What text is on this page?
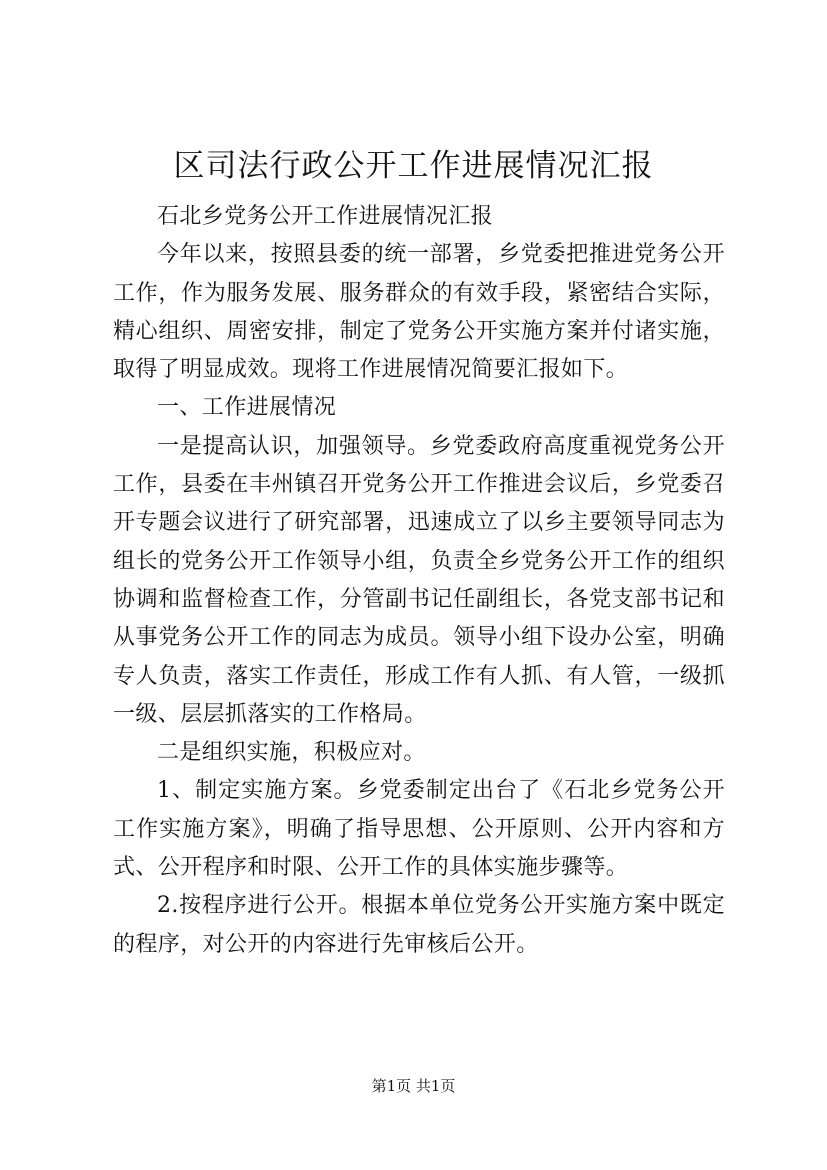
区司法行政公开工作进展情况汇报

石北乡党务公开工作进展情况汇报

今年以来，按照县委的统一部署，乡党委把推进党务公开工作，作为服务发展、服务群众的有效手段，紧密结合实际，精心组织、周密安排，制定了党务公开实施方案并付诸实施，取得了明显成效。现将工作进展情况简要汇报如下。

一、工作进展情况

一是提高认识，加强领导。乡党委政府高度重视党务公开工作，县委在丰州镇召开党务公开工作推进会议后，乡党委召开专题会议进行了研究部署，迅速成立了以乡主要领导同志为组长的党务公开工作领导小组，负责全乡党务公开工作的组织协调和监督检查工作，分管副书记任副组长，各党支部书记和从事党务公开工作的同志为成员。领导小组下设办公室，明确专人负责，落实工作责任，形成工作有人抓、有人管，一级抓一级、层层抓落实的工作格局。

二是组织实施，积极应对。

1、制定实施方案。乡党委制定出台了《石北乡党务公开工作实施方案》，明确了指导思想、公开原则、公开内容和方式、公开程序和时限、公开工作的具体实施步骤等。

2.按程序进行公开。根据本单位党务公开实施方案中既定的程序，对公开的内容进行先审核后公开。

第1页 共1页
